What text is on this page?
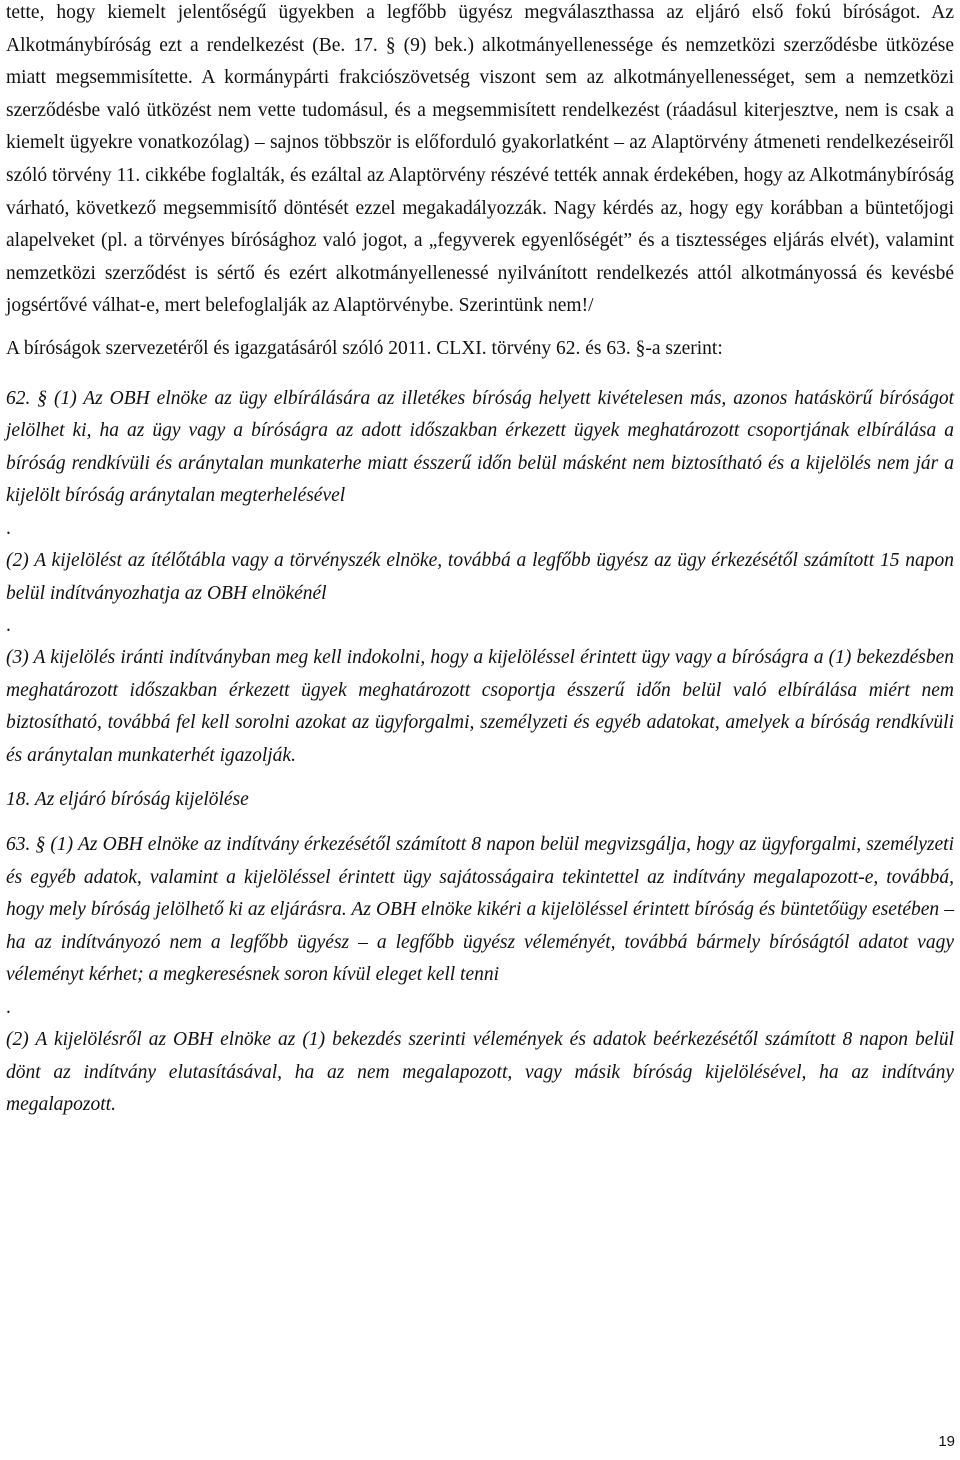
tette, hogy kiemelt jelentőségű ügyekben a legfőbb ügyész megválaszthassa az eljáró első fokú bíróságot. Az Alkotmánybíróság ezt a rendelkezést (Be. 17. § (9) bek.) alkotmányellenessége és nemzetközi szerződésbe ütközése miatt megsemmisítette. A kormánypárti frakciószövetség viszont sem az alkotmányellenességet, sem a nemzetközi szerződésbe való ütközést nem vette tudomásul, és a megsemmisített rendelkezést (ráadásul kiterjesztve, nem is csak a kiemelt ügyekre vonatkozólag) – sajnos többször is előforduló gyakorlatként – az Alaptörvény átmeneti rendelkezéseiről szóló törvény 11. cikkébe foglalták, és ezáltal az Alaptörvény részévé tették annak érdekében, hogy az Alkotmánybíróság várható, következő megsemmisítő döntését ezzel megakadályozzák. Nagy kérdés az, hogy egy korábban a büntetőjogi alapelveket (pl. a törvényes bírósághoz való jogot, a „fegyverek egyenlőségét” és a tisztességes eljárás elvét), valamint nemzetközi szerződést is sértő és ezért alkotmányellenessé nyilvánított rendelkezés attól alkotmányossá és kevésbé jogsértővé válhat-e, mert belefoglalják az Alaptörvénybe. Szerintünk nem!/

A bíróságok szervezetéről és igazgatásáról szóló 2011. CLXI. törvény 62. és 63. §-a szerint:

62. § (1) Az OBH elnöke az ügy elbírálására az illetékes bíróság helyett kivételesen más, azonos hatáskörű bíróságot jelölhet ki, ha az ügy vagy a bíróságra az adott időszakban érkezett ügyek meghatározott csoportjának elbírálása a bíróság rendkívüli és aránytalan munkaterhe miatt ésszerű időn belül másként nem biztosítható és a kijelölés nem jár a kijelölt bíróság aránytalan megterhelésével

.

(2) A kijelölést az ítélőtábla vagy a törvényszék elnöke, továbbá a legfőbb ügyész az ügy érkezésétől számított 15 napon belül indítványozhatja az OBH elnökénél

.

(3) A kijelölés iránti indítványban meg kell indokolni, hogy a kijelöléssel érintett ügy vagy a bíróságra a (1) bekezdésben meghatározott időszakban érkezett ügyek meghatározott csoportja ésszerű időn belül való elbírálása miért nem biztosítható, továbbá fel kell sorolni azokat az ügyforgalmi, személyzeti és egyéb adatokat, amelyek a bíróság rendkívüli és aránytalan munkaterhét igazolják.

18. Az eljáró bíróság kijelölése

63. § (1) Az OBH elnöke az indítvány érkezésétől számított 8 napon belül megvizsgálja, hogy az ügyforgalmi, személyzeti és egyéb adatok, valamint a kijelöléssel érintett ügy sajátosságaira tekintettel az indítvány megalapozott-e, továbbá, hogy mely bíróság jelölhető ki az eljárásra. Az OBH elnöke kikéri a kijelöléssel érintett bíróság és büntetőügy esetében – ha az indítványozó nem a legfőbb ügyész – a legfőbb ügyész véleményét, továbbá bármely bíróságtól adatot vagy véleményt kérhet; a megkeresésnek soron kívül eleget kell tenni

.

(2) A kijelölésről az OBH elnöke az (1) bekezdés szerinti vélemények és adatok beérkezésétől számított 8 napon belül dönt az indítvány elutasításával, ha az nem megalapozott, vagy másik bíróság kijelölésével, ha az indítvány megalapozott.

19
